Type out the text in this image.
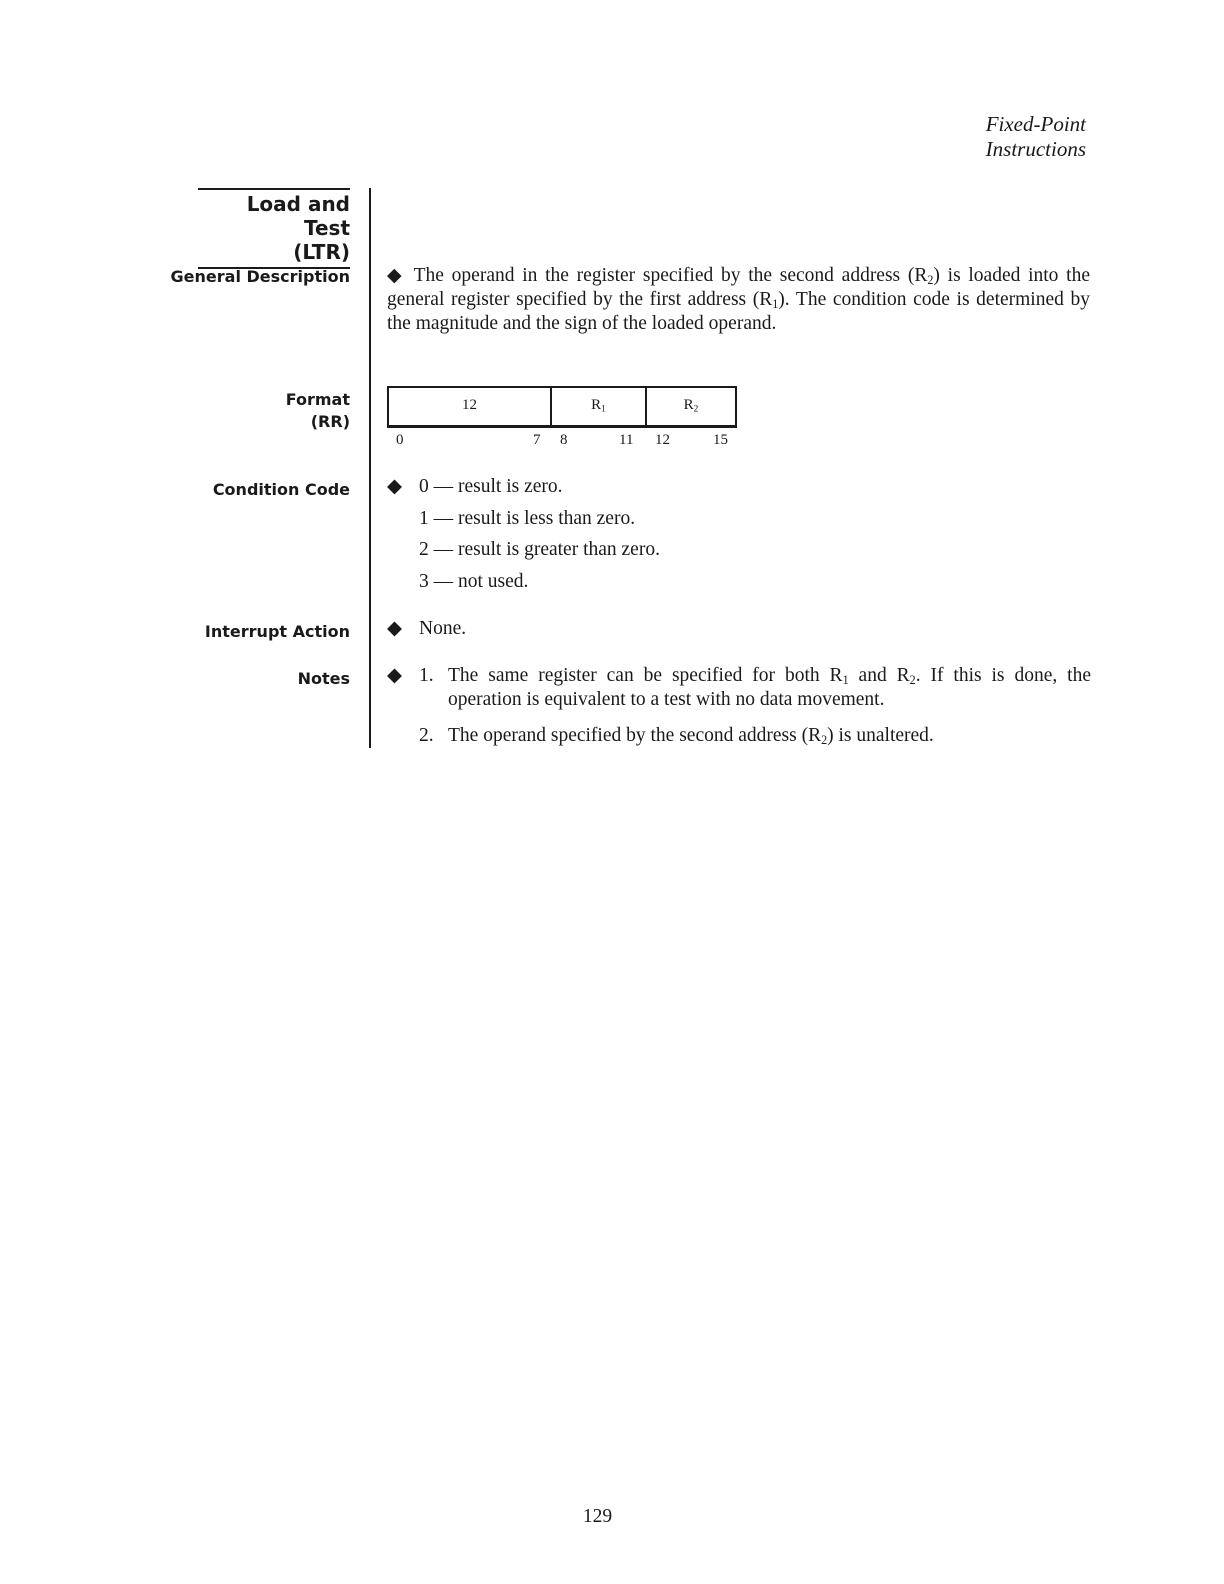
Fixed-Point
Instructions
Load and Test
(LTR)
General Description
Format
(RR)
Condition Code
Interrupt Action
Notes
◆ The operand in the register specified by the second address $(R_2)$ is loaded into the general register specified by the first address $(R_1)$. The condition code is determined by the magnitude and the sign of the loaded operand.
12	$R_1$	$R_2$
0	7 8	11 12	15
◆ 0 — result is zero.
1 — result is less than zero.
2 — result is greater than zero.
3 — not used.
◆ None.
◆ 1. The same register can be specified for both $R_1$ and $R_2$. If this is done, the operation is equivalent to a test with no data movement.
2. The operand specified by the second address $(R_2)$ is unaltered.
129
